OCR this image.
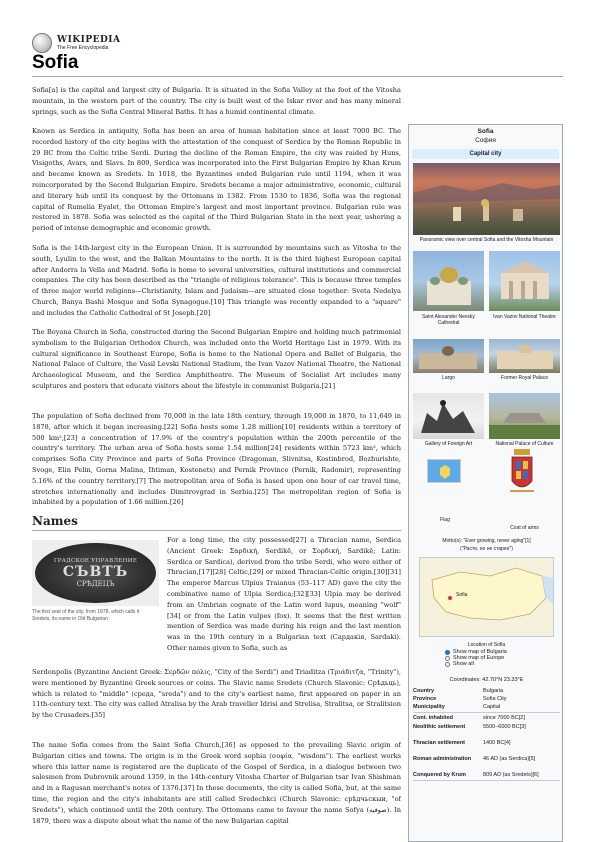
WIKIPEDIA
The Free Encyclopedia
Sofia

Sofia[a] is the capital and largest city of Bulgaria. It is situated in the Sofia Valley at the foot of the Vitosha mountain, in the western part of the country. The city is built west of the Iskar river and has many mineral springs, such as the Sofia Central Mineral Baths. It has a humid continental climate.

Known as Serdica in antiquity, Sofia has been an area of human habitation since at least 7000 BC. The recorded history of the city begins with the attestation of the conquest of Serdica by the Roman Republic in 29 BC from the Celtic tribe Serdi. During the decline of the Roman Empire, the city was raided by Huns, Visigoths, Avars, and Slavs. In 809, Serdica was incorporated into the First Bulgarian Empire by Khan Krum and became known as Sredets. In 1018, the Byzantines ended Bulgarian rule until 1194, when it was reincorporated by the Second Bulgarian Empire. Sredets became a major administrative, economic, cultural and literary hub until its conquest by the Ottomans in 1382. From 1530 to 1836, Sofia was the regional capital of Rumelia Eyalet, the Ottoman Empire's largest and most important province. Bulgarian rule was restored in 1878. Sofia was selected as the capital of the Third Bulgarian State in the next year, ushering a period of intense demographic and economic growth.

Sofia is the 14th-largest city in the European Union. It is surrounded by mountains such as Vitosha to the south, Lyulin to the west, and the Balkan Mountains to the north. It is the third highest European capital after Andorra la Vella and Madrid. Sofia is home to several universities, cultural institutions and commercial companies. The city has been described as the "triangle of religious tolerance". This is because three temples of three major world religions—Christianity, Islam and Judaism—are situated close together: Sveta Nedelya Church, Banya Bashi Mosque and Sofia Synagogue.[10] This triangle was recently expanded to a "square" and includes the Catholic Cathedral of St Joseph.[20]

The Boyana Church in Sofia, constructed during the Second Bulgarian Empire and holding much patrimonial symbolism to the Bulgarian Orthodox Church, was included onto the World Heritage List in 1979. With its cultural significance in Southeast Europe, Sofia is home to the National Opera and Ballet of Bulgaria, the National Palace of Culture, the Vasil Levski National Stadium, the Ivan Vazov National Theatre, the National Archaeological Museum, and the Serdica Amphitheatre. The Museum of Socialist Art includes many sculptures and posters that educate visitors about the lifestyle in communist Bulgaria.[21]

The population of Sofia declined from 70,000 in the late 18th century, through 19,000 in 1870, to 11,649 in 1878, after which it began increasing.[22] Sofia hosts some 1.28 million[10] residents within a territory of 500 km²,[23] a concentration of 17.9% of the country's population within the 200th percentile of the country's territory. The urban area of Sofia hosts some 1.54 million[24] residents within 5723 km², which comprises Sofia City Province and parts of Sofia Province (Dragoman, Slivnitsa, Kostinbrod, Bozhurishte, Svoge, Elin Pelin, Gorna Malina, Ihtiman, Kostenets) and Pernik Province (Pernik, Radomir), representing 5.16% of the country territory.[7] The metropolitan area of Sofia is based upon one hour of car travel time, stretches internationally and includes Dimitrovgrad in Serbia.[25] The metropolitan region of Sofia is inhabited by a population of 1.66 million.[26]

Names
ГРАДСКОЕ УПРАВЛЕНИЕ
СЪВТЪ
СРѢДЕЦЪ
The first seal of the city, from 1878, which calls it Sredets, its name in Old Bulgarian
For a long time, the city possessed[27] a Thracian name, Serdica (Ancient Greek: Σαρδική, Serdikē, or Σορδική, Sardikē; Latin: Serdica or Sardica), derived from the tribe Serdi, who were either of Thracian,[17][28] Celtic,[29] or mixed Thracian-Celtic origin.[30][31] The emperor Marcus Ulpius Traianus (53–117 AD) gave the city the combinative name of Ulpia Serdica;[32][33] Ulpia may be derived from an Umbrian cognate of the Latin word lupus, meaning "wolf"[34] or from the Latin vulpes (fox). It seems that the first written mention of Serdica was made during his reign and the last mention was in the 19th century in a Bulgarian text (Сардакія, Sardaki). Other names given to Sofia, such as
Serdonpolis (Byzantine Ancient Greek: Σερδῶν πόλις, "City of the Serdi") and Triaditza (Τριάδιτζα, "Trinity"), were mentioned by Byzantine Greek sources or coins. The Slavic name Sredets (Church Slavonic: Срѣдьць), which is related to "middle" (среда, "sreda") and to the city's earliest name, first appeared on paper in an 11th-century text. The city was called Atralisa by the Arab traveller Idrisi and Strelisa, Stralitsa, or Stralitsion by the Crusaders.[35]
The name Sofia comes from the Saint Sofia Church,[36] as opposed to the prevailing Slavic origin of Bulgarian cities and towns. The origin is in the Greek word sophia (σοφία, "wisdom"). The earliest works where this latter name is registered are the duplicate of the Gospel of Serdica, in a dialogue between two salesmen from Dubrovnik around 1359, in the 14th-century Vitosha Charter of Bulgarian tsar Ivan Shishman and in a Ragusan merchant's notes of 1376.[37] In these documents, the city is called Sofia, but, at the same time, the region and the city's inhabitants are still called Sredechkci (Church Slavonic: срѣдчьскыи, "of Sredets"), which continued until the 20th century. The Ottomans came to favour the name Sofya (صوفيه). In 1879, there was a dispute about what the name of the new Bulgarian capital
Sofia
София
Capital city
Panoramic view over central Sofia and the Vitosha Mountain
Saint Alexander Nevsky Cathedral
Ivan Vazov National Theatre
Largo	Former Royal Palace
Gallery of Foreign Art	National Palace of Culture
Flag
Coat of arms
Motto(s): "Ever growing, never aging"[1]
("Расте, но не старее")
Sofia
Location of Sofia
Show map of Bulgaria
Show map of Europe
Show all
Coordinates: 42.70°N 23.33°E
Country	Bulgaria
Province	Sofia City
Municipality	Capital
Cont. inhabited	since 7000 BC[2]
Neolithic settlement	5500–6000 BC[3]
Thracian settlement	1400 BC[4]
Roman administration	46 AD (as Serdica)[5]
Conquered by Krum	809 AD (as Sredets)[6]
